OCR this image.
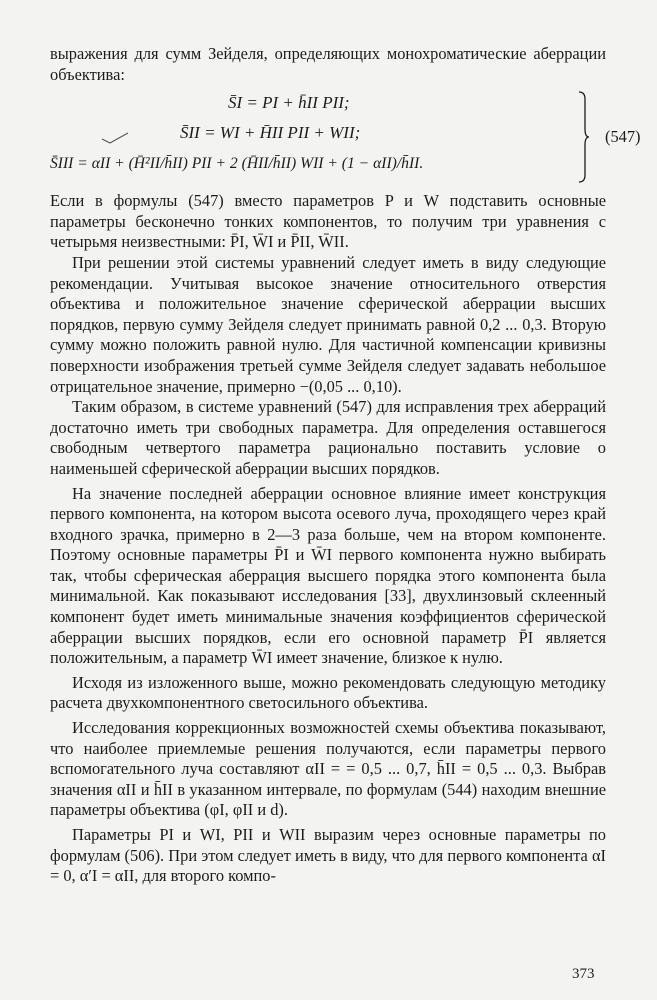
выражения для сумм Зейделя, определяющих монохроматические аберрации объектива:

S̄I = PI + h̄II PII;
S̄II = WI + H̄II PII + WII;
S̄III = αII + (H̄²II/h̄II) PII + 2 (H̄II/h̄II) WII + (1 − αII)/h̄II.
(547)

Если в формулы (547) вместо параметров P и W подставить основные параметры бесконечно тонких компонентов, то получим три уравнения с четырьмя неизвестными: P̄I, W̄I и P̄II, W̄II.

При решении этой системы уравнений следует иметь в виду следующие рекомендации. Учитывая высокое значение относительного отверстия объектива и положительное значение сферической аберрации высших порядков, первую сумму Зейделя следует принимать равной 0,2 ... 0,3. Вторую сумму можно положить равной нулю. Для частичной компенсации кривизны поверхности изображения третьей сумме Зейделя следует задавать небольшое отрицательное значение, примерно −(0,05 ... 0,10).

Таким образом, в системе уравнений (547) для исправления трех аберраций достаточно иметь три свободных параметра. Для определения оставшегося свободным четвертого параметра рационально поставить условие о наименьшей сферической аберрации высших порядков.

На значение последней аберрации основное влияние имеет конструкция первого компонента, на котором высота осевого луча, проходящего через край входного зрачка, примерно в 2—3 раза больше, чем на втором компоненте. Поэтому основные параметры P̄I и W̄I первого компонента нужно выбирать так, чтобы сферическая аберрация высшего порядка этого компонента была минимальной. Как показывают исследования [33], двухлинзовый склеенный компонент будет иметь минимальные значения коэффициентов сферической аберрации высших порядков, если его основной параметр P̄I является положительным, а параметр W̄I имеет значение, близкое к нулю.

Исходя из изложенного выше, можно рекомендовать следующую методику расчета двухкомпонентного светосильного объектива.

Исследования коррекционных возможностей схемы объектива показывают, что наиболее приемлемые решения получаются, если параметры первого вспомогательного луча составляют αII = = 0,5 ... 0,7, h̄II = 0,5 ... 0,3. Выбрав значения αII и h̄II в указанном интервале, по формулам (544) находим внешние параметры объектива (φI, φII и d).

Параметры PI и WI, PII и WII выразим через основные параметры по формулам (506). При этом следует иметь в виду, что для первого компонента αI = 0, α′I = αII, для второго компо-

373
